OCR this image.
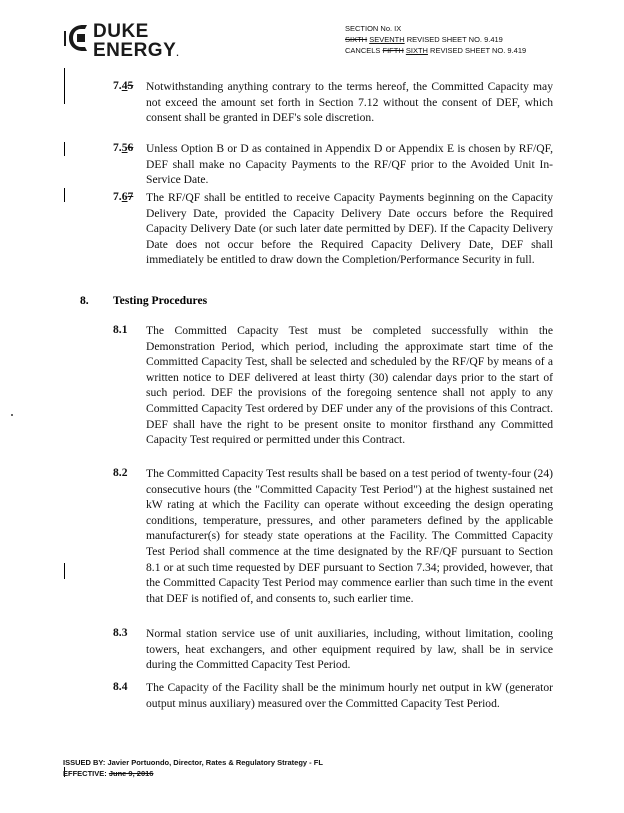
DUKE
ENERGY.
SECTION No. IX
SIXTH SEVENTH REVISED SHEET NO. 9.419
CANCELS FIFTH SIXTH REVISED SHEET NO. 9.419
7.45 Notwithstanding anything contrary to the terms hereof, the Committed Capacity may not exceed the amount set forth in Section 7.12 without the consent of DEF, which consent shall be granted in DEF's sole discretion.
7.56 Unless Option B or D as contained in Appendix D or Appendix E is chosen by RF/QF, DEF shall make no Capacity Payments to the RF/QF prior to the Avoided Unit In-Service Date.
7.67 The RF/QF shall be entitled to receive Capacity Payments beginning on the Capacity Delivery Date, provided the Capacity Delivery Date occurs before the Required Capacity Delivery Date (or such later date permitted by DEF). If the Capacity Delivery Date does not occur before the Required Capacity Delivery Date, DEF shall immediately be entitled to draw down the Completion/Performance Security in full.
8. Testing Procedures
8.1 The Committed Capacity Test must be completed successfully within the Demonstration Period, which period, including the approximate start time of the Committed Capacity Test, shall be selected and scheduled by the RF/QF by means of a written notice to DEF delivered at least thirty (30) calendar days prior to the start of such period. DEF the provisions of the foregoing sentence shall not apply to any Committed Capacity Test ordered by DEF under any of the provisions of this Contract. DEF shall have the right to be present onsite to monitor firsthand any Committed Capacity Test required or permitted under this Contract.
8.2 The Committed Capacity Test results shall be based on a test period of twenty-four (24) consecutive hours (the "Committed Capacity Test Period") at the highest sustained net kW rating at which the Facility can operate without exceeding the design operating conditions, temperature, pressures, and other parameters defined by the applicable manufacturer(s) for steady state operations at the Facility. The Committed Capacity Test Period shall commence at the time designated by the RF/QF pursuant to Section 8.1 or at such time requested by DEF pursuant to Section 7.34; provided, however, that the Committed Capacity Test Period may commence earlier than such time in the event that DEF is notified of, and consents to, such earlier time.
8.3 Normal station service use of unit auxiliaries, including, without limitation, cooling towers, heat exchangers, and other equipment required by law, shall be in service during the Committed Capacity Test Period.
8.4 The Capacity of the Facility shall be the minimum hourly net output in kW (generator output minus auxiliary) measured over the Committed Capacity Test Period.
ISSUED BY: Javier Portuondo, Director, Rates & Regulatory Strategy - FL
EFFECTIVE: June 9, 2016
